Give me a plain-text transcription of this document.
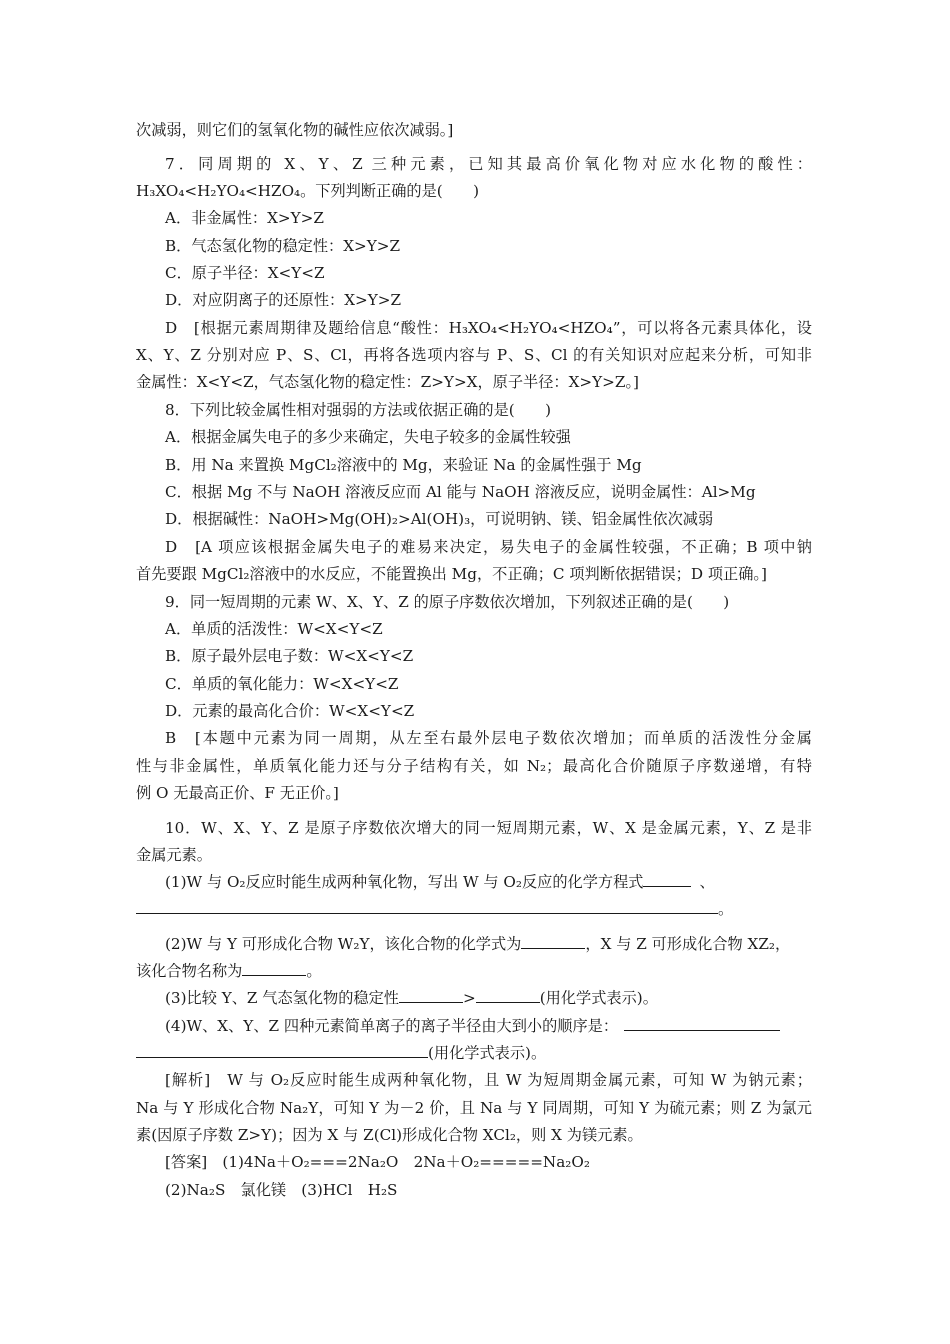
次减弱，则它们的氢氧化物的碱性应依次减弱。]
7．同周期的 X、Y、Z 三种元素，已知其最高价氧化物对应水化物的酸性：
H₃XO₄<H₂YO₄<HZO₄。下列判断正确的是(　　)
A．非金属性：X>Y>Z
B．气态氢化物的稳定性：X>Y>Z
C．原子半径：X<Y<Z
D．对应阴离子的还原性：X>Y>Z
D　[根据元素周期律及题给信息“酸性：H₃XO₄<H₂YO₄<HZO₄”，可以将各元素具体化，设
X、Y、Z 分别对应 P、S、Cl，再将各选项内容与 P、S、Cl 的有关知识对应起来分析，可知非
金属性：X<Y<Z，气态氢化物的稳定性：Z>Y>X，原子半径：X>Y>Z。]
8．下列比较金属性相对强弱的方法或依据正确的是(　　)
A．根据金属失电子的多少来确定，失电子较多的金属性较强
B．用 Na 来置换 MgCl₂溶液中的 Mg，来验证 Na 的金属性强于 Mg
C．根据 Mg 不与 NaOH 溶液反应而 Al 能与 NaOH 溶液反应，说明金属性：Al>Mg
D．根据碱性：NaOH>Mg(OH)₂>Al(OH)₃，可说明钠、镁、铝金属性依次减弱
D　[A 项应该根据金属失电子的难易来决定，易失电子的金属性较强，不正确；B 项中钠
首先要跟 MgCl₂溶液中的水反应，不能置换出 Mg，不正确；C 项判断依据错误；D 项正确。]
9．同一短周期的元素 W、X、Y、Z 的原子序数依次增加，下列叙述正确的是(　　)
A．单质的活泼性：W<X<Y<Z
B．原子最外层电子数：W<X<Y<Z
C．单质的氧化能力：W<X<Y<Z
D．元素的最高化合价：W<X<Y<Z
B　[本题中元素为同一周期，从左至右最外层电子数依次增加；而单质的活泼性分金属
性与非金属性，单质氧化能力还与分子结构有关，如 N₂；最高化合价随原子序数递增，有特
例 O 无最高正价、F 无正价。]
10．W、X、Y、Z 是原子序数依次增大的同一短周期元素，W、X 是金属元素，Y、Z 是非
金属元素。
(1)W 与 O₂反应时能生成两种氧化物，写出 W 与 O₂反应的化学方程式	、
。
(2)W 与 Y 可形成化合物 W₂Y，该化合物的化学式为	，X 与 Z 可形成化合物 XZ₂，
该化合物名称为	。
(3)比较 Y、Z 气态氢化物的稳定性	>	(用化学式表示)。
(4)W、X、Y、Z 四种元素简单离子的离子半径由大到小的顺序是：
(用化学式表示)。
[解析]　W 与 O₂反应时能生成两种氧化物，且 W 为短周期金属元素，可知 W 为钠元素；
Na 与 Y 形成化合物 Na₂Y，可知 Y 为－2 价，且 Na 与 Y 同周期，可知 Y 为硫元素；则 Z 为氯元
素(因原子序数 Z>Y)；因为 X 与 Z(Cl)形成化合物 XCl₂，则 X 为镁元素。
[答案]　(1)4Na＋O₂===2Na₂O　2Na＋O₂=====Na₂O₂
(2)Na₂S　氯化镁　(3)HCl　H₂S
